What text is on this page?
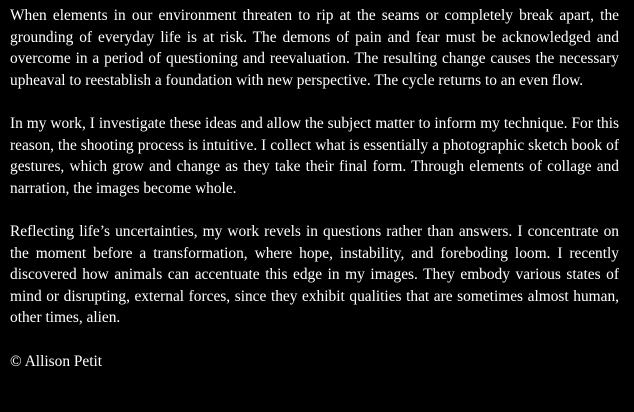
When elements in our environment threaten to rip at the seams or completely break apart, the grounding of everyday life is at risk. The demons of pain and fear must be acknowledged and overcome in a period of questioning and reevaluation. The resulting change causes the necessary upheaval to reestablish a foundation with new perspective. The cycle returns to an even flow.

In my work, I investigate these ideas and allow the subject matter to inform my technique. For this reason, the shooting process is intuitive. I collect what is essentially a photographic sketch book of gestures, which grow and change as they take their final form. Through elements of collage and narration, the images become whole.

Reflecting life’s uncertainties, my work revels in questions rather than answers. I concentrate on the moment before a transformation, where hope, instability, and foreboding loom. I recently discovered how animals can accentuate this edge in my images. They embody various states of mind or disrupting, external forces, since they exhibit qualities that are sometimes almost human, other times, alien.

© Allison Petit
